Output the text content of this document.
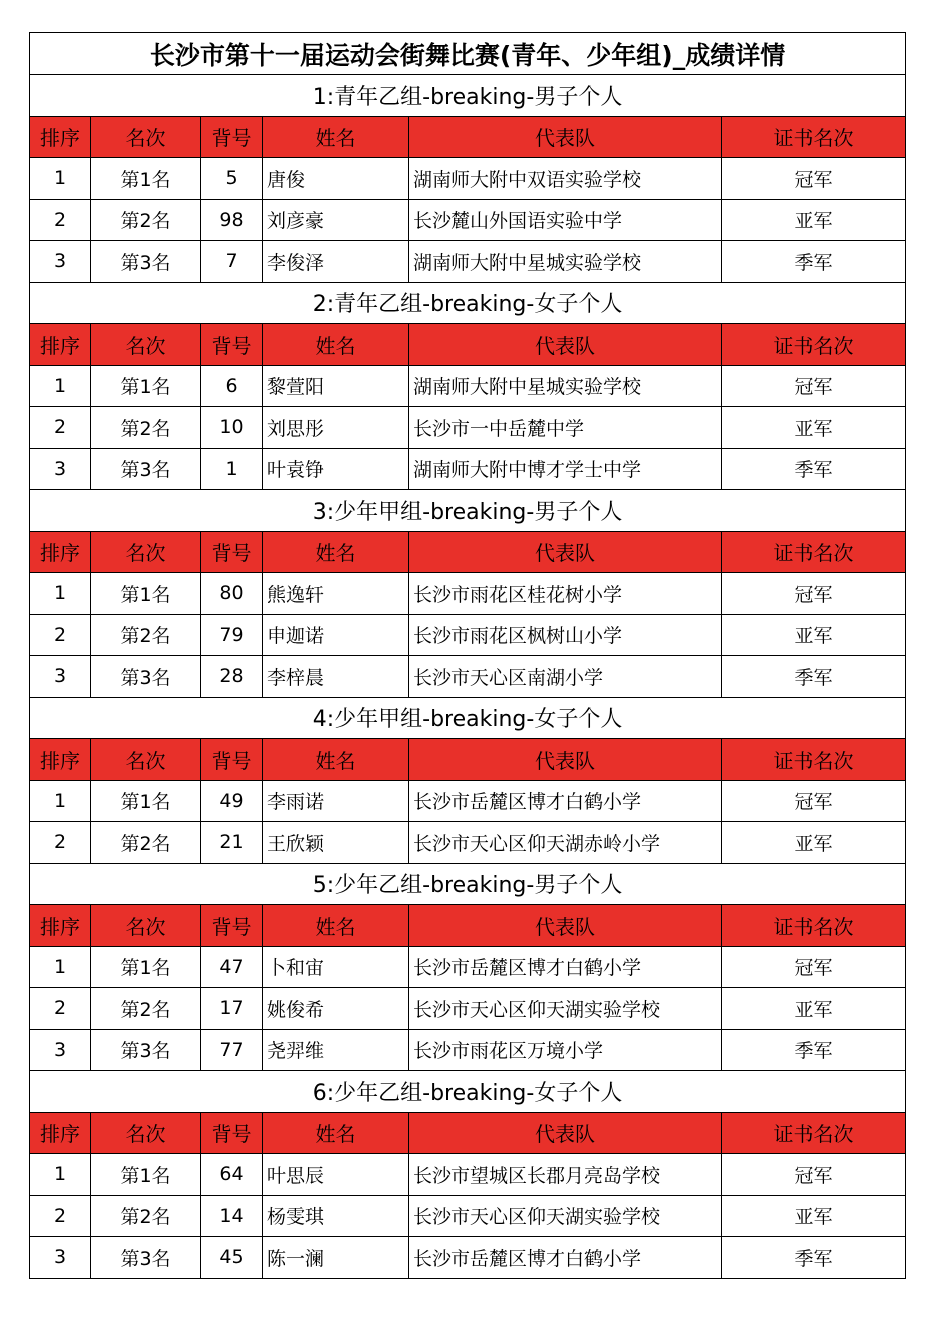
长沙市第十一届运动会街舞比赛(青年、少年组)_成绩详情					
1:青年乙组-breaking-男子个人					
排序	名次	背号	姓名	代表队	证书名次
1	第1名	5	唐俊	湖南师大附中双语实验学校	冠军
2	第2名	98	刘彦豪	长沙麓山外国语实验中学	亚军
3	第3名	7	李俊泽	湖南师大附中星城实验学校	季军
2:青年乙组-breaking-女子个人					
排序	名次	背号	姓名	代表队	证书名次
1	第1名	6	黎萱阳	湖南师大附中星城实验学校	冠军
2	第2名	10	刘思彤	长沙市一中岳麓中学	亚军
3	第3名	1	叶袁铮	湖南师大附中博才学士中学	季军
3:少年甲组-breaking-男子个人					
排序	名次	背号	姓名	代表队	证书名次
1	第1名	80	熊逸轩	长沙市雨花区桂花树小学	冠军
2	第2名	79	申迦诺	长沙市雨花区枫树山小学	亚军
3	第3名	28	李梓晨	长沙市天心区南湖小学	季军
4:少年甲组-breaking-女子个人					
排序	名次	背号	姓名	代表队	证书名次
1	第1名	49	李雨诺	长沙市岳麓区博才白鹤小学	冠军
2	第2名	21	王欣颖	长沙市天心区仰天湖赤岭小学	亚军
5:少年乙组-breaking-男子个人					
排序	名次	背号	姓名	代表队	证书名次
1	第1名	47	卜和宙	长沙市岳麓区博才白鹤小学	冠军
2	第2名	17	姚俊希	长沙市天心区仰天湖实验学校	亚军
3	第3名	77	尧羿维	长沙市雨花区万境小学	季军
6:少年乙组-breaking-女子个人					
排序	名次	背号	姓名	代表队	证书名次
1	第1名	64	叶思辰	长沙市望城区长郡月亮岛学校	冠军
2	第2名	14	杨雯琪	长沙市天心区仰天湖实验学校	亚军
3	第3名	45	陈一澜	长沙市岳麓区博才白鹤小学	季军
